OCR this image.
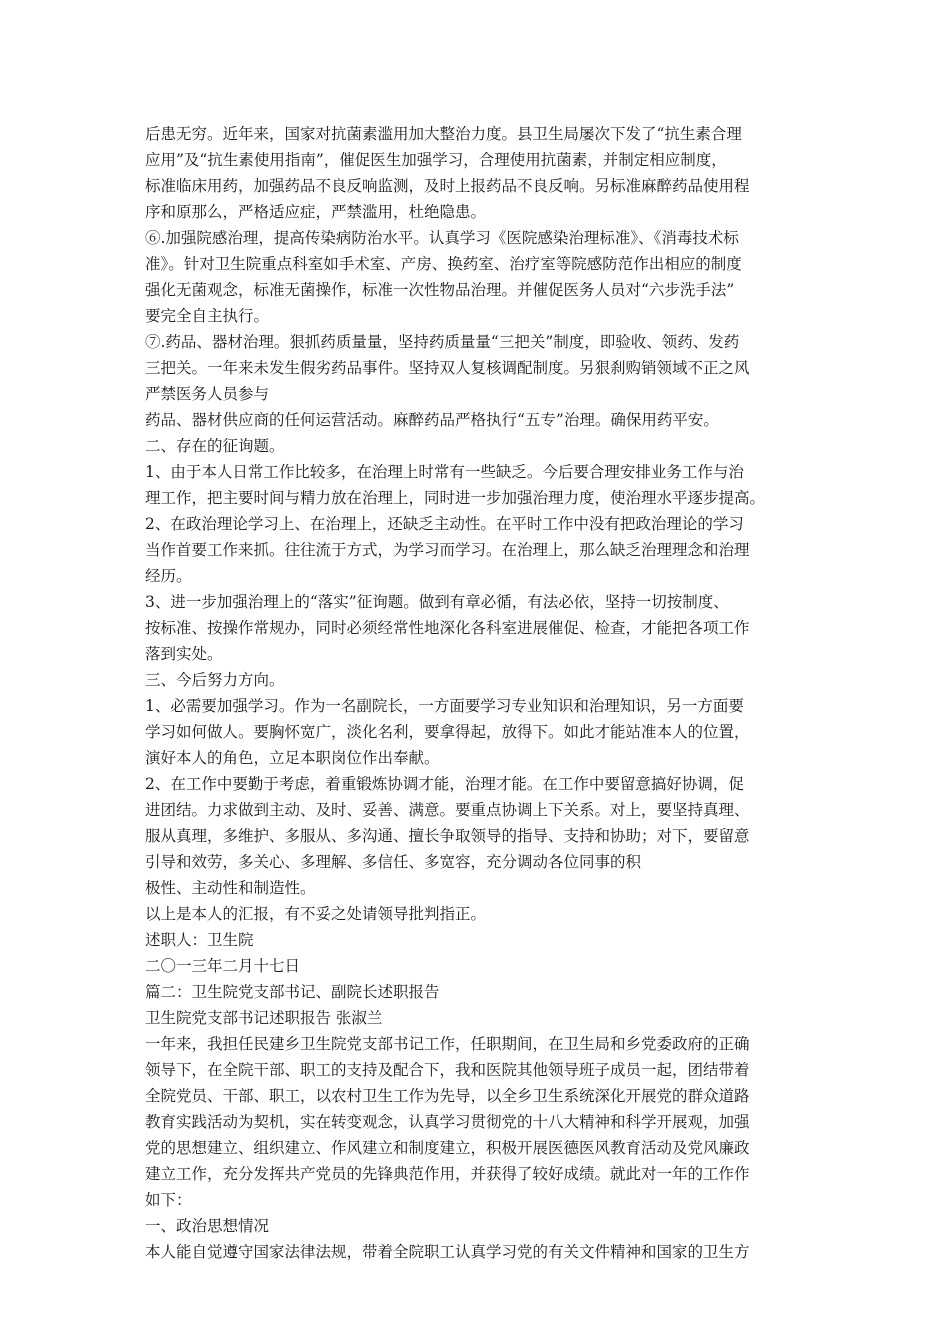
后患无穷。近年来，国家对抗菌素滥用加大整治力度。县卫生局屡次下发了“抗生素合理
应用”及“抗生素使用指南”，催促医生加强学习，合理使用抗菌素，并制定相应制度，
标准临床用药，加强药品不良反响监测，及时上报药品不良反响。另标准麻醉药品使用程
序和原那么，严格适应症，严禁滥用，杜绝隐患。
⑥.加强院感治理，提高传染病防治水平。认真学习《医院感染治理标准》、《消毒技术标
准》。针对卫生院重点科室如手术室、产房、换药室、治疗室等院感防范作出相应的制度
强化无菌观念，标准无菌操作，标准一次性物品治理。并催促医务人员对“六步洗手法”
要完全自主执行。
⑦.药品、器材治理。狠抓药质量量，坚持药质量量“三把关”制度，即验收、领药、发药
三把关。一年来未发生假劣药品事件。坚持双人复核调配制度。另狠刹购销领域不正之风
严禁医务人员参与
药品、器材供应商的任何运营活动。麻醉药品严格执行“五专”治理。确保用药平安。
二、存在的征询题。
1、由于本人日常工作比较多，在治理上时常有一些缺乏。今后要合理安排业务工作与治
理工作，把主要时间与精力放在治理上，同时进一步加强治理力度，使治理水平逐步提高。
2、在政治理论学习上、在治理上，还缺乏主动性。在平时工作中没有把政治理论的学习
当作首要工作来抓。往往流于方式，为学习而学习。在治理上，那么缺乏治理理念和治理
经历。
3、进一步加强治理上的“落实”征询题。做到有章必循，有法必依，坚持一切按制度、
按标准、按操作常规办，同时必须经常性地深化各科室进展催促、检查，才能把各项工作
落到实处。
三、今后努力方向。
1、必需要加强学习。作为一名副院长，一方面要学习专业知识和治理知识，另一方面要
学习如何做人。要胸怀宽广，淡化名利，要拿得起，放得下。如此才能站准本人的位置，
演好本人的角色，立足本职岗位作出奉献。
2、在工作中要勤于考虑，着重锻炼协调才能，治理才能。在工作中要留意搞好协调，促
进团结。力求做到主动、及时、妥善、满意。要重点协调上下关系。对上，要坚持真理、
服从真理，多维护、多服从、多沟通、擅长争取领导的指导、支持和协助；对下，要留意
引导和效劳，多关心、多理解、多信任、多宽容，充分调动各位同事的积
极性、主动性和制造性。
以上是本人的汇报，有不妥之处请领导批判指正。
述职人：卫生院
二〇一三年二月十七日
篇二：卫生院党支部书记、副院长述职报告
卫生院党支部书记述职报告 张淑兰
一年来，我担任民建乡卫生院党支部书记工作，任职期间，在卫生局和乡党委政府的正确
领导下，在全院干部、职工的支持及配合下，我和医院其他领导班子成员一起，团结带着
全院党员、干部、职工，以农村卫生工作为先导，以全乡卫生系统深化开展党的群众道路
教育实践活动为契机，实在转变观念，认真学习贯彻党的十八大精神和科学开展观，加强
党的思想建立、组织建立、作风建立和制度建立，积极开展医德医风教育活动及党风廉政
建立工作，充分发挥共产党员的先锋典范作用，并获得了较好成绩。就此对一年的工作作
如下：
一、政治思想情况
本人能自觉遵守国家法律法规，带着全院职工认真学习党的有关文件精神和国家的卫生方
